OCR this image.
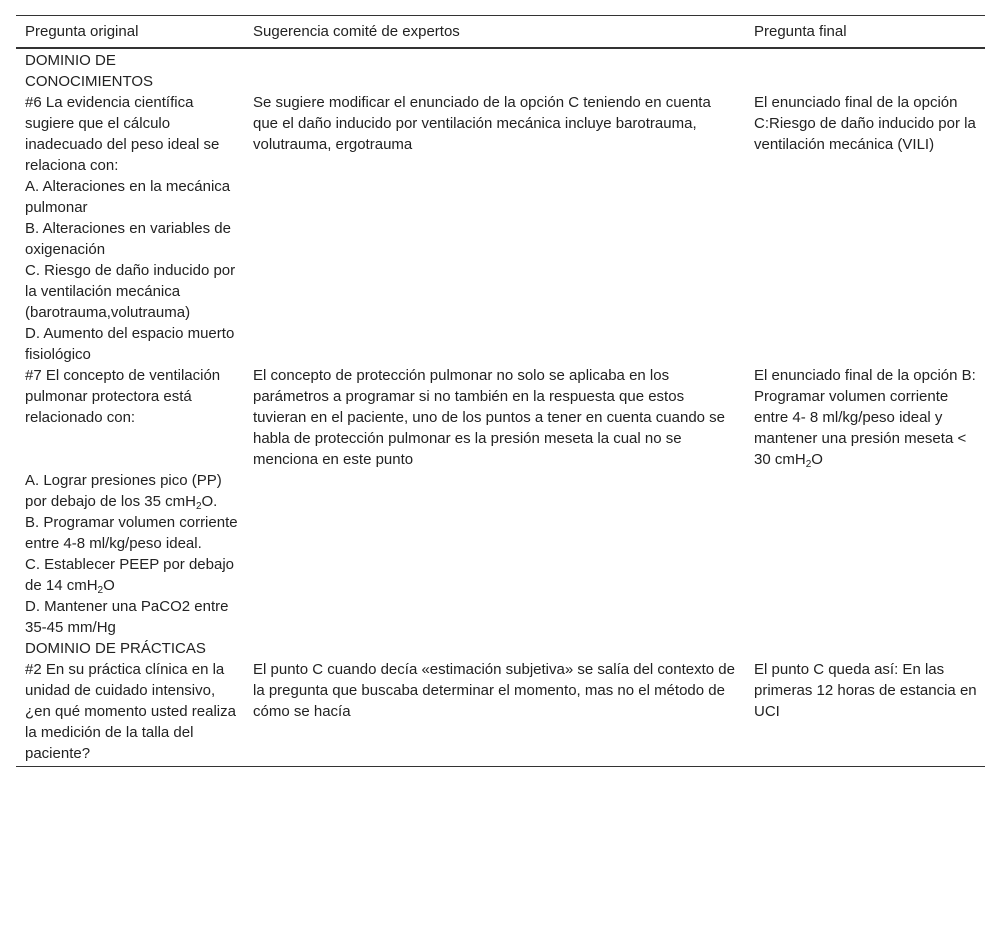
Pregunta original	Sugerencia comité de expertos	Pregunta final

DOMINIO DE CONOCIMIENTOS		
#6 La evidencia científica sugiere que el cálculo inadecuado del peso ideal se relaciona con:	Se sugiere modificar el enunciado de la opción C teniendo en cuenta que el daño inducido por ventilación mecánica incluye barotrauma, volutrauma, ergotrauma	El enunciado final de la opción C:Riesgo de daño inducido por la ventilación mecánica (VILI)
A. Alteraciones en la mecánica pulmonar		
B. Alteraciones en variables de oxigenación		
C. Riesgo de daño inducido por la ventilación mecánica (barotrauma,volutrauma)		
D. Aumento del espacio muerto fisiológico		
#7 El concepto de ventilación pulmonar protectora está relacionado con:	El concepto de protección pulmonar no solo se aplicaba en los parámetros a programar si no también en la respuesta que estos tuvieran en el paciente, uno de los puntos a tener en cuenta cuando se habla de protección pulmonar es la presión meseta la cual no se menciona en este punto	El enunciado final de la opción B: Programar volumen corriente entre 4- 8 ml/kg/peso ideal y mantener una presión meseta < 30 cmH$_2$O
A. Lograr presiones pico (PP) por debajo de los 35 cmH$_2$O.		
B. Programar volumen corriente entre 4-8 ml/kg/peso ideal.		
C. Establecer PEEP por debajo de 14 cmH$_2$O		
D. Mantener una PaCO2 entre 35-45 mm/Hg		
DOMINIO DE PRÁCTICAS		
#2 En su práctica clínica en la unidad de cuidado intensivo, ¿en qué momento usted realiza la medición de la talla del paciente?	El punto C cuando decía «estimación subjetiva» se salía del contexto de la pregunta que buscaba determinar el momento, mas no el método de cómo se hacía	El punto C queda así: En las primeras 12 horas de estancia en UCI
